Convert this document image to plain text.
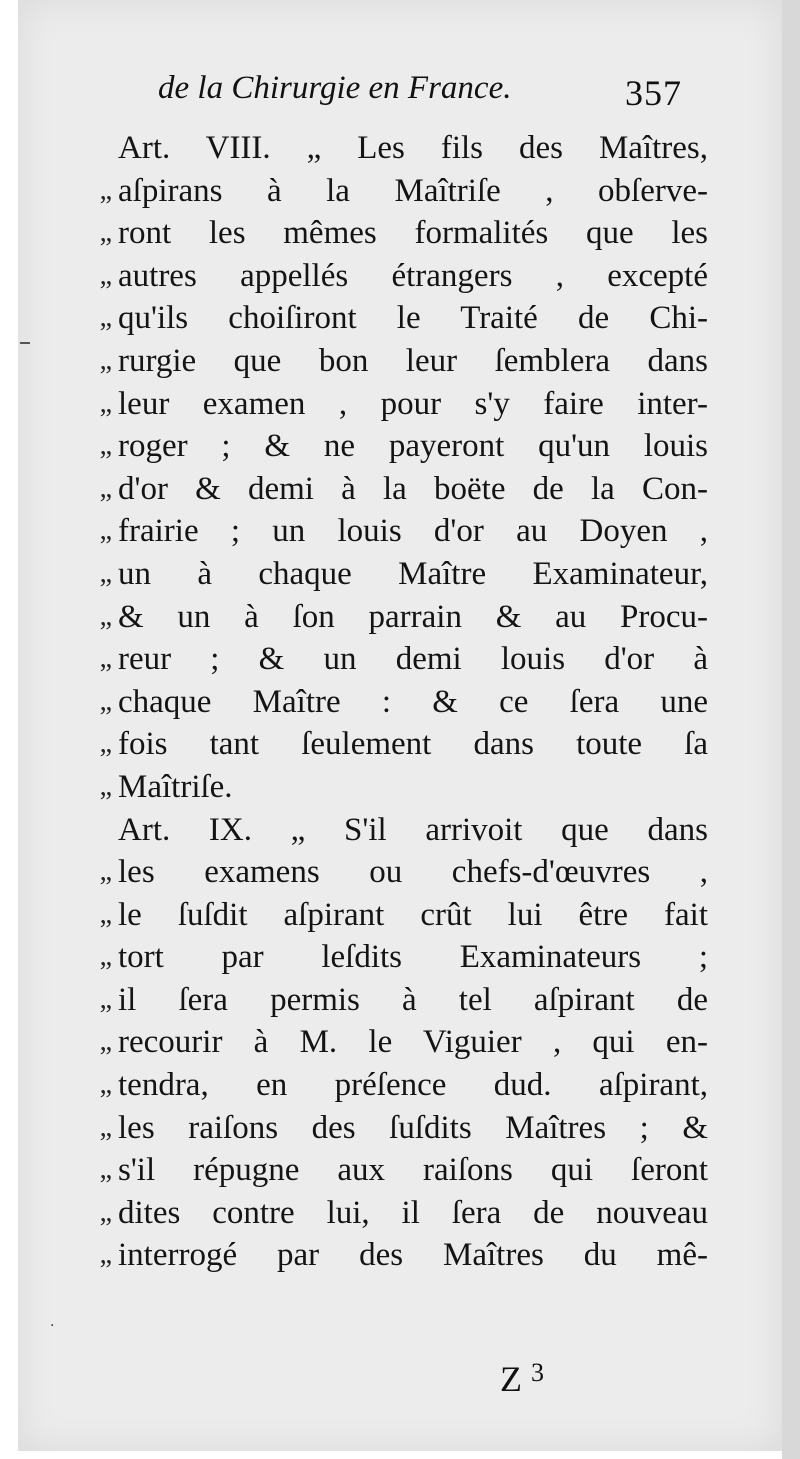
de la Chirurgie en France.	357
Art. VIII. „ Les fils des Maîtres,
„ aſpirans à la Maîtriſe , obſerve-
„ ront les mêmes formalités que les
„ autres appellés étrangers , excepté
„ qu'ils choiſiront le Traité de Chi-
„ rurgie que bon leur ſemblera dans
„ leur examen , pour s'y faire inter-
„ roger ; & ne payeront qu'un louis
„ d'or & demi à la boëte de la Con-
„ frairie ; un louis d'or au Doyen ,
„ un à chaque Maître Examinateur,
„ & un à ſon parrain & au Procu-
„ reur ; & un demi louis d'or à
„ chaque Maître : & ce ſera une
„ fois tant ſeulement dans toute ſa
„ Maîtriſe.
Art. IX. „ S'il arrivoit que dans
„ les examens ou chefs-d'œuvres ,
„ le ſuſdit aſpirant crût lui être fait
„ tort par leſdits Examinateurs ;
„ il ſera permis à tel aſpirant de
„ recourir à M. le Viguier , qui en-
„ tendra, en préſence dud. aſpirant,
„ les raiſons des ſuſdits Maîtres ; &
„ s'il répugne aux raiſons qui ſeront
„ dites contre lui, il ſera de nouveau
„ interrogé par des Maîtres du mê-
Z $^3$
·
